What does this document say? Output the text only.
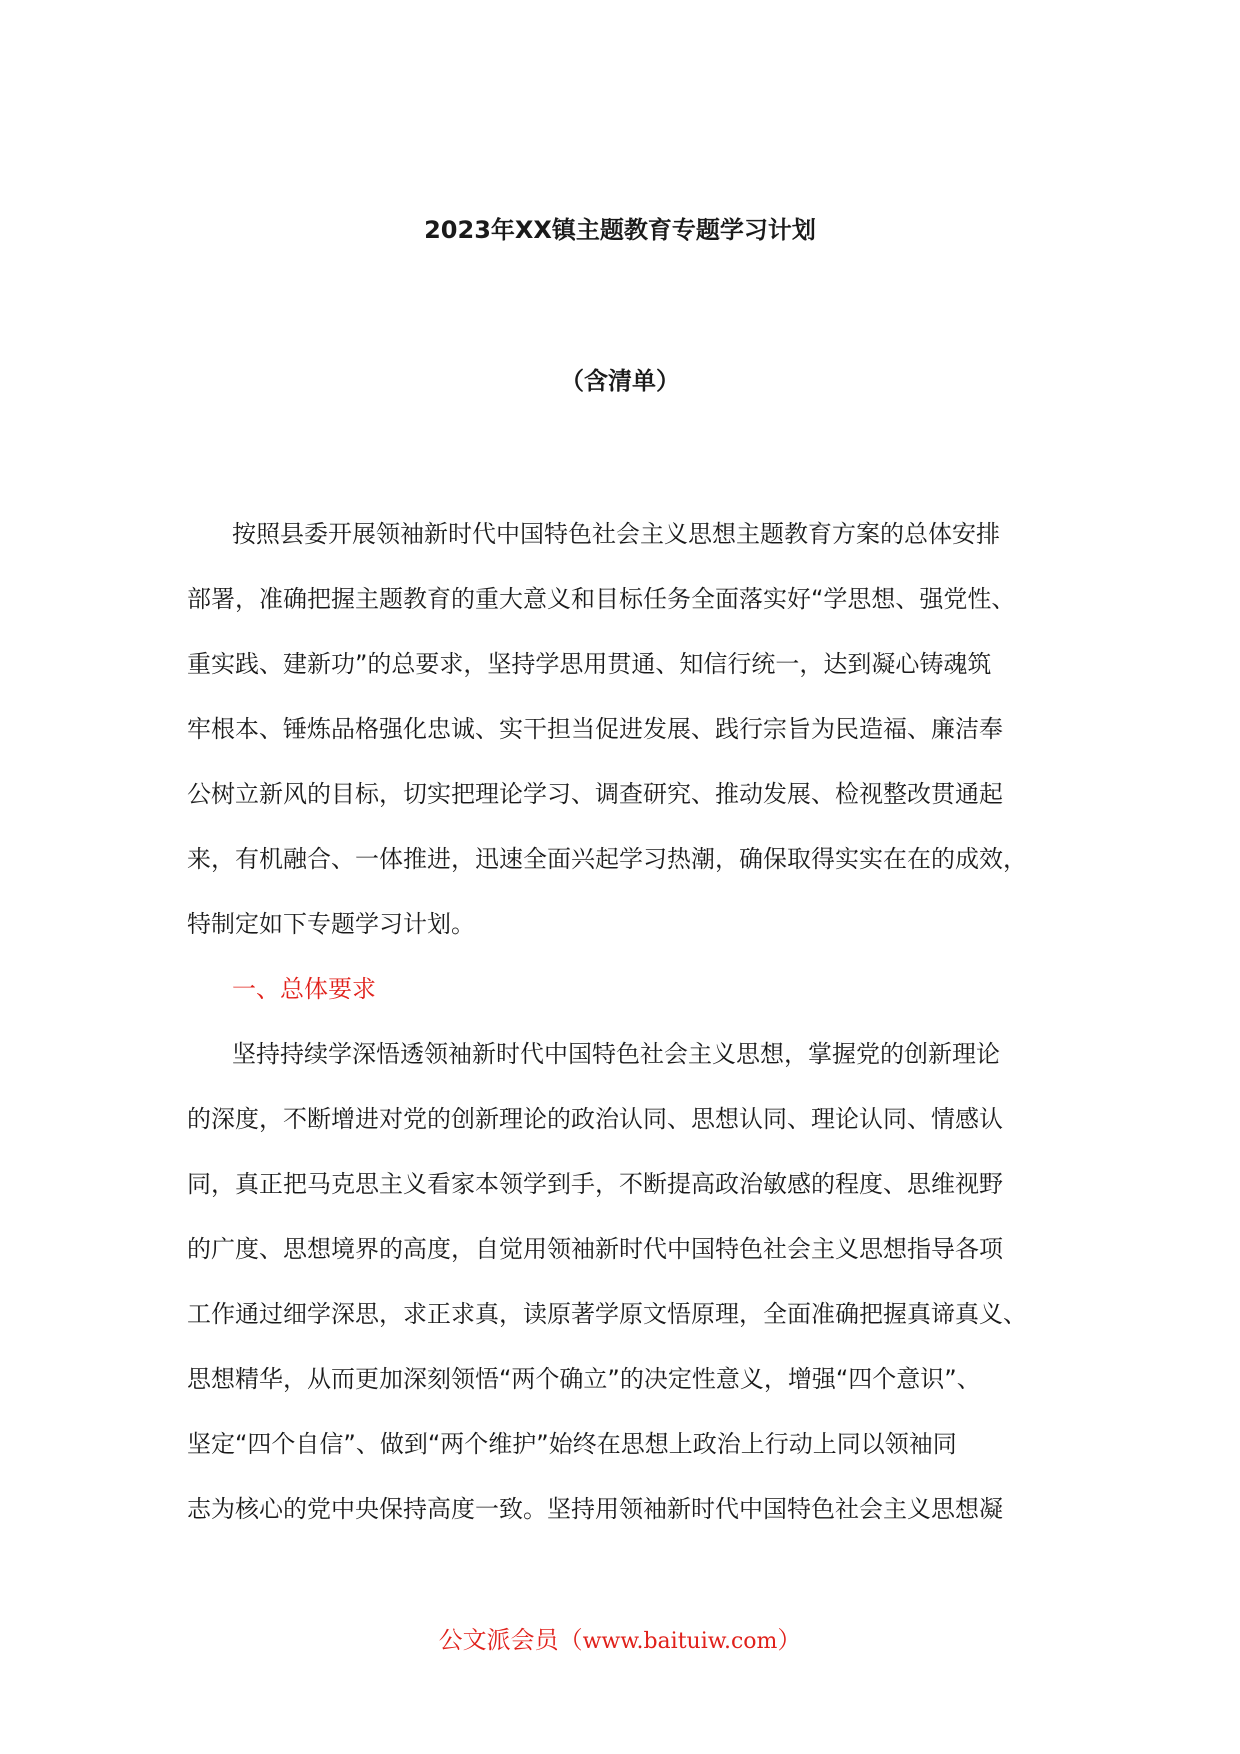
2023年XX镇主题教育专题学习计划
（含清单）
按照县委开展领袖新时代中国特色社会主义思想主题教育方案的总体安排
部署，准确把握主题教育的重大意义和目标任务全面落实好“学思想、强党性、
重实践、建新功”的总要求，坚持学思用贯通、知信行统一，达到凝心铸魂筑
牢根本、锤炼品格强化忠诚、实干担当促进发展、践行宗旨为民造福、廉洁奉
公树立新风的目标，切实把理论学习、调查研究、推动发展、检视整改贯通起
来，有机融合、一体推进，迅速全面兴起学习热潮，确保取得实实在在的成效，
特制定如下专题学习计划。
一、总体要求
坚持持续学深悟透领袖新时代中国特色社会主义思想，掌握党的创新理论
的深度，不断增进对党的创新理论的政治认同、思想认同、理论认同、情感认
同，真正把马克思主义看家本领学到手，不断提高政治敏感的程度、思维视野
的广度、思想境界的高度，自觉用领袖新时代中国特色社会主义思想指导各项
工作通过细学深思，求正求真，读原著学原文悟原理，全面准确把握真谛真义、
思想精华，从而更加深刻领悟“两个确立”的决定性意义，增强“四个意识”、
坚定“四个自信”、做到“两个维护”始终在思想上政治上行动上同以领袖同
志为核心的党中央保持高度一致。坚持用领袖新时代中国特色社会主义思想凝
公文派会员（www.baituiw.com）
